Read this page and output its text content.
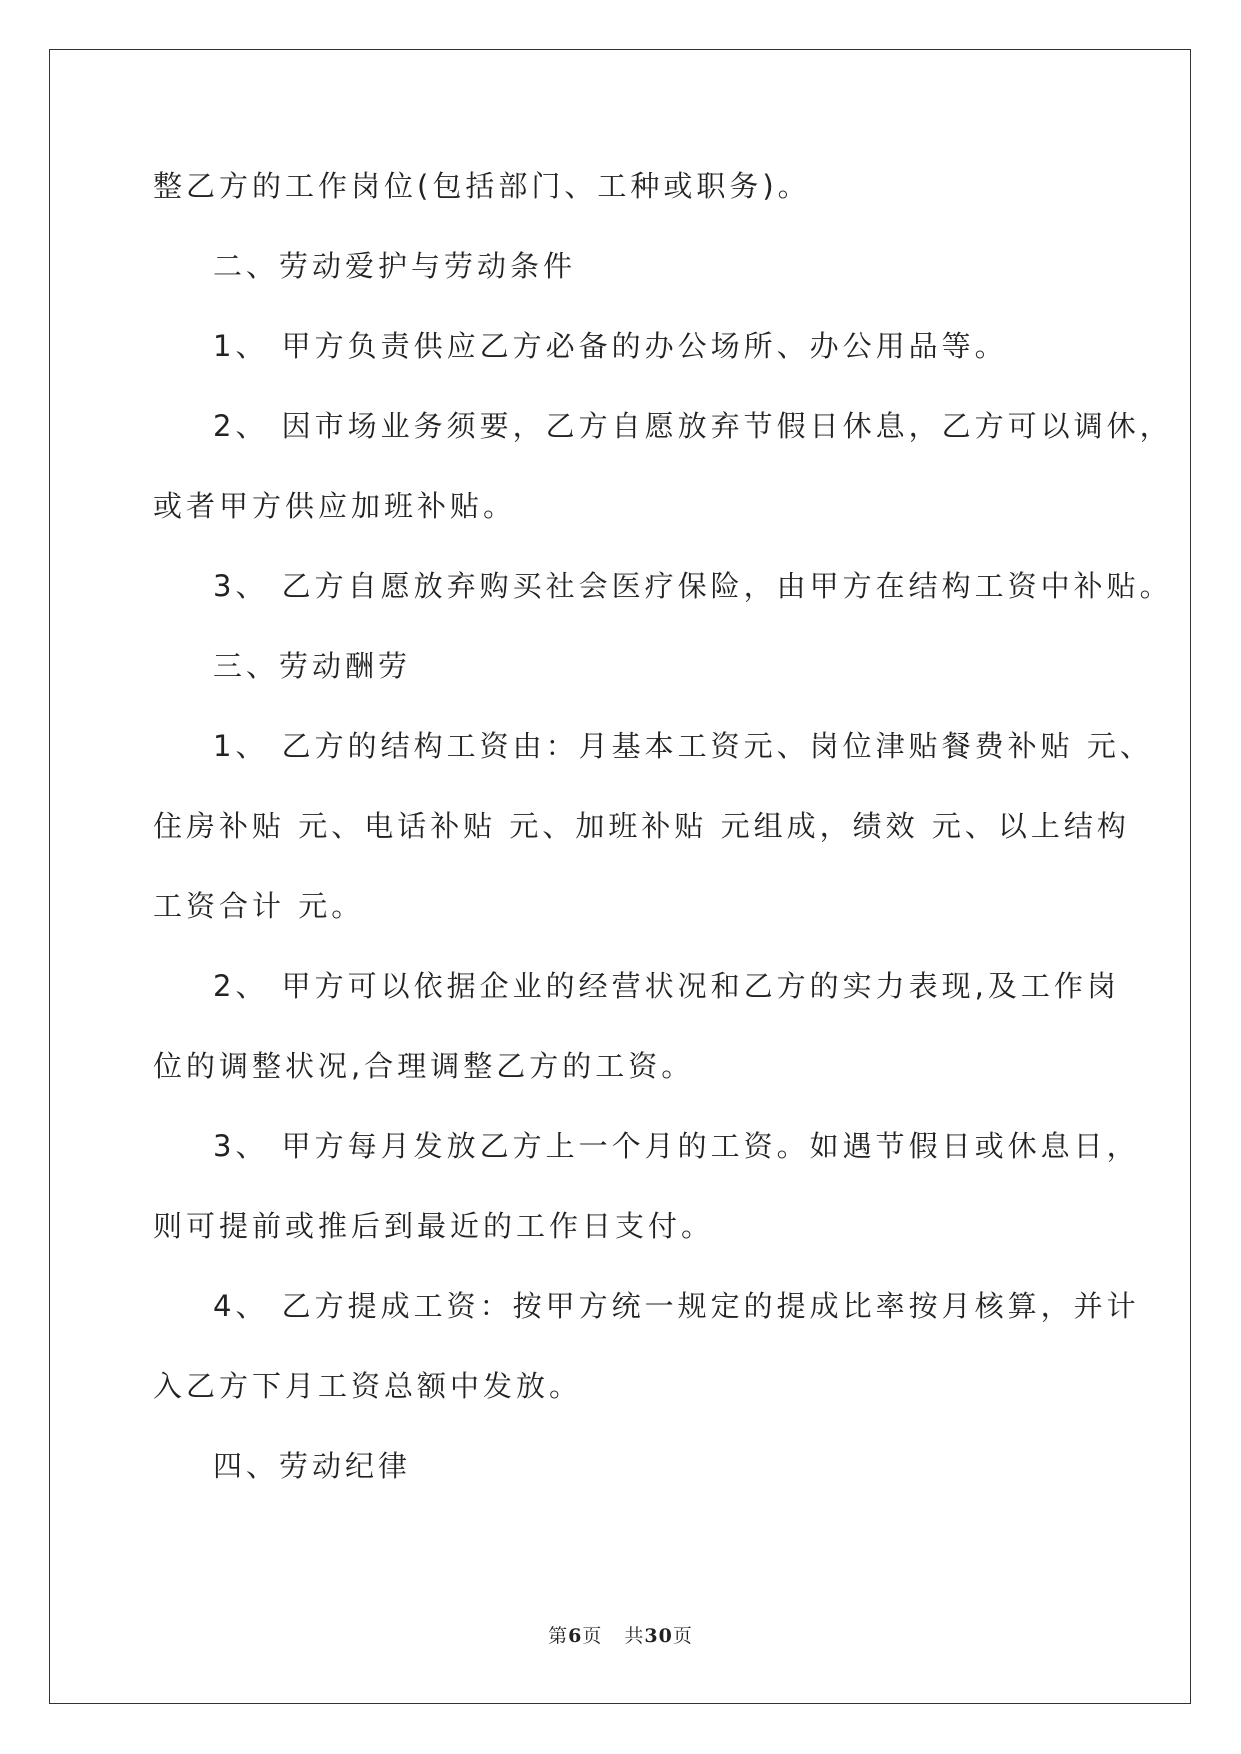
整乙方的工作岗位(包括部门、工种或职务)。
二、劳动爱护与劳动条件
1、 甲方负责供应乙方必备的办公场所、办公用品等。
2、 因市场业务须要，乙方自愿放弃节假日休息，乙方可以调休，
或者甲方供应加班补贴。
3、 乙方自愿放弃购买社会医疗保险，由甲方在结构工资中补贴。
三、劳动酬劳
1、 乙方的结构工资由：月基本工资元、岗位津贴餐费补贴 元、
住房补贴 元、电话补贴 元、加班补贴 元组成，绩效 元、以上结构
工资合计 元。
2、 甲方可以依据企业的经营状况和乙方的实力表现,及工作岗
位的调整状况,合理调整乙方的工资。
3、 甲方每月发放乙方上一个月的工资。如遇节假日或休息日，
则可提前或推后到最近的工作日支付。
4、 乙方提成工资：按甲方统一规定的提成比率按月核算，并计
入乙方下月工资总额中发放。
四、劳动纪律
第6页 共30页
